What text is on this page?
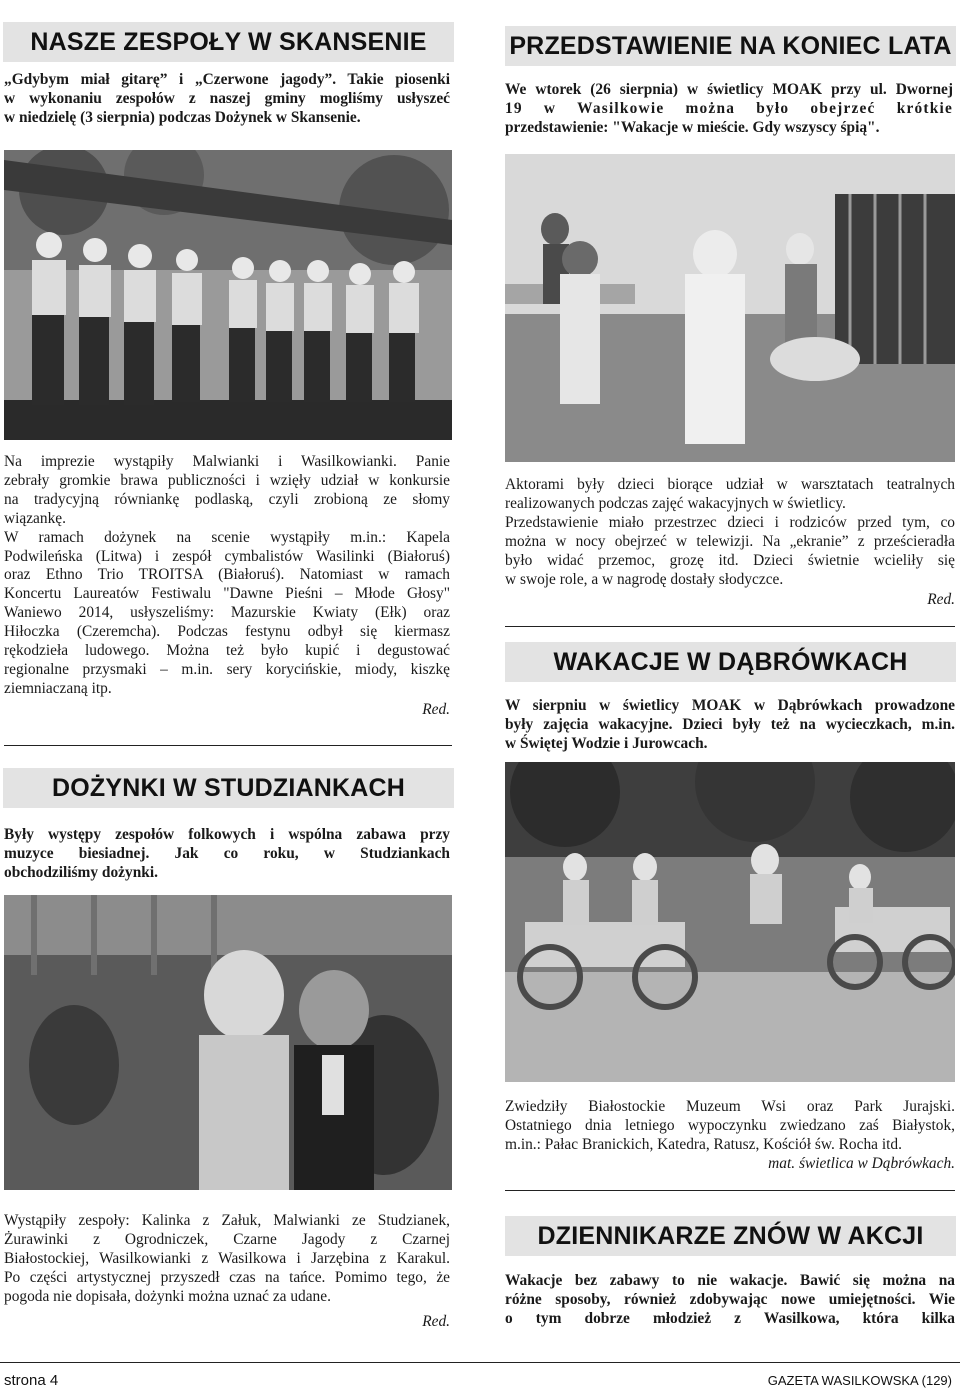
NASZE ZESPOŁY W SKANSENIE
„Gdybym miał gitarę” i „Czerwone jagody”. Takie piosenki
w wykonaniu zespołów z naszej gminy mogliśmy usłyszeć
w niedzielę (3 sierpnia) podczas Dożynek w Skansenie.
Na imprezie wystąpiły Malwianki i Wasilkowianki. Panie
zebrały gromkie brawa publiczności i wzięły udział w konkursie
na tradycyjną równiankę podlaską, czyli zrobioną ze słomy
wiązankę.
W ramach dożynek na scenie wystąpiły m.in.: Kapela
Podwileńska (Litwa) i zespół cymbalistów Wasilinki (Białoruś)
oraz Ethno Trio TROITSA (Białoruś). Natomiast w ramach
Koncertu Laureatów Festiwalu "Dawne Pieśni – Młode Głosy"
Waniewo 2014, usłyszeliśmy: Mazurskie Kwiaty (Ełk) oraz
Hiłoczka (Czeremcha). Podczas festynu odbył się kiermasz
rękodzieła ludowego. Można też było kupić i degustować
regionalne przysmaki – m.in. sery korycińskie, miody, kiszkę
ziemniaczaną itp.
Red.
DOŻYNKI W STUDZIANKACH
Były występy zespołów folkowych i wspólna zabawa przy
muzyce biesiadnej. Jak co roku, w Studziankach
obchodziliśmy dożynki.
Wystąpiły zespoły: Kalinka z Załuk, Malwianki ze Studzianek,
Żurawinki z Ogrodniczek, Czarne Jagody z Czarnej
Białostockiej, Wasilkowianki z Wasilkowa i Jarzębina z Karakul.
Po części artystycznej przyszedł czas na tańce. Pomimo tego, że
pogoda nie dopisała, dożynki można uznać za udane.
Red.
PRZEDSTAWIENIE NA KONIEC LATA
We wtorek (26 sierpnia) w świetlicy MOAK przy ul. Dwornej
19 w Wasilkowie można było obejrzeć krótkie
przedstawienie: "Wakacje w mieście. Gdy wszyscy śpią".
Aktorami były dzieci biorące udział w warsztatach teatralnych
realizowanych podczas zajęć wakacyjnych w świetlicy.
Przedstawienie miało przestrzec dzieci i rodziców przed tym, co
można w nocy obejrzeć w telewizji. Na „ekranie” z prześcieradła
było widać przemoc, grozę itd. Dzieci świetnie wcieliły się
w swoje role, a w nagrodę dostały słodyczce.
Red.
WAKACJE W DĄBRÓWKACH
W sierpniu w świetlicy MOAK w Dąbrówkach prowadzone
były zajęcia wakacyjne. Dzieci były też na wycieczkach, m.in.
w Świętej Wodzie i Jurowcach.
Zwiedziły Białostockie Muzeum Wsi oraz Park Jurajski.
Ostatniego dnia letniego wypoczynku zwiedzano zaś Białystok,
m.in.: Pałac Branickich, Katedra, Ratusz, Kościół św. Rocha itd.
mat. świetlica w Dąbrówkach.
DZIENNIKARZE ZNÓW W AKCJI
Wakacje bez zabawy to nie wakacje. Bawić się można na
różne sposoby, również zdobywając nowe umiejętności. Wie
o tym dobrze młodzież z Wasilkowa, która kilka
strona 4	GAZETA WASILKOWSKA (129)
